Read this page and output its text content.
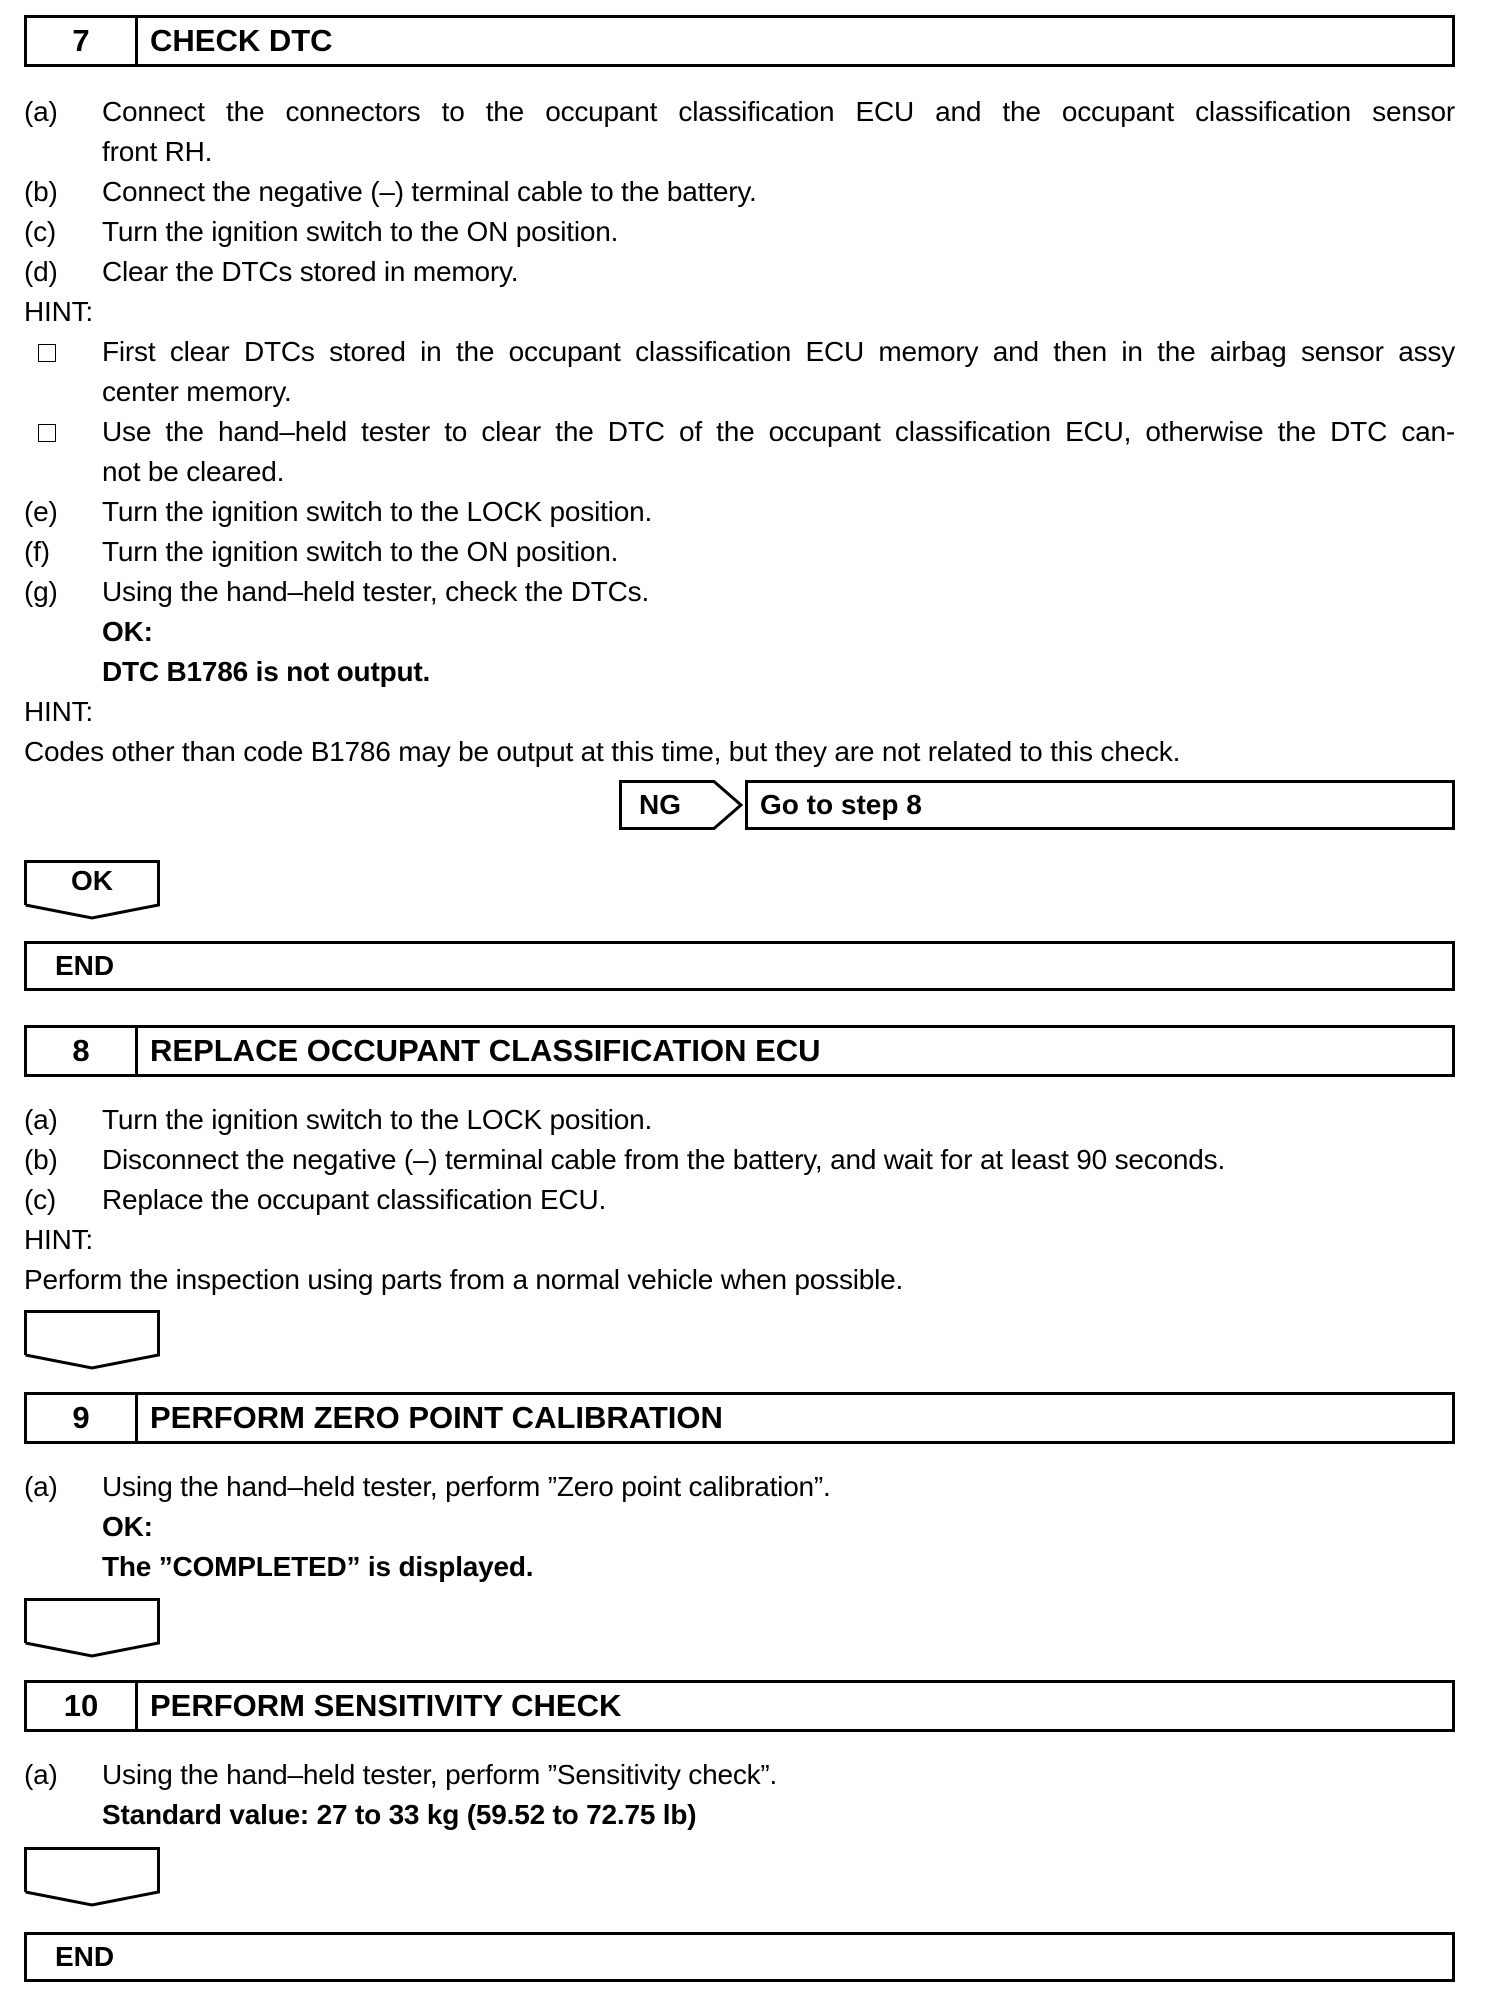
7	CHECK DTC
(a) Connect the connectors to the occupant classification ECU and the occupant classification sensor
front RH.
(b) Connect the negative (–) terminal cable to the battery.
(c) Turn the ignition switch to the ON position.
(d) Clear the DTCs stored in memory.
HINT:
First clear DTCs stored in the occupant classification ECU memory and then in the airbag sensor assy
center memory.
Use the hand–held tester to clear the DTC of the occupant classification ECU, otherwise the DTC can-
not be cleared.
(e) Turn the ignition switch to the LOCK position.
(f) Turn the ignition switch to the ON position.
(g) Using the hand–held tester, check the DTCs.
OK:
DTC B1786 is not output.
HINT:
Codes other than code B1786 may be output at this time, but they are not related to this check.
NG	Go to step 8
OK
END
8	REPLACE OCCUPANT CLASSIFICATION ECU
(a) Turn the ignition switch to the LOCK position.
(b) Disconnect the negative (–) terminal cable from the battery, and wait for at least 90 seconds.
(c) Replace the occupant classification ECU.
HINT:
Perform the inspection using parts from a normal vehicle when possible.
9	PERFORM ZERO POINT CALIBRATION
(a) Using the hand–held tester, perform ”Zero point calibration”.
OK:
The ”COMPLETED” is displayed.
10	PERFORM SENSITIVITY CHECK
(a) Using the hand–held tester, perform ”Sensitivity check”.
Standard value: 27 to 33 kg (59.52 to 72.75 lb)
END
